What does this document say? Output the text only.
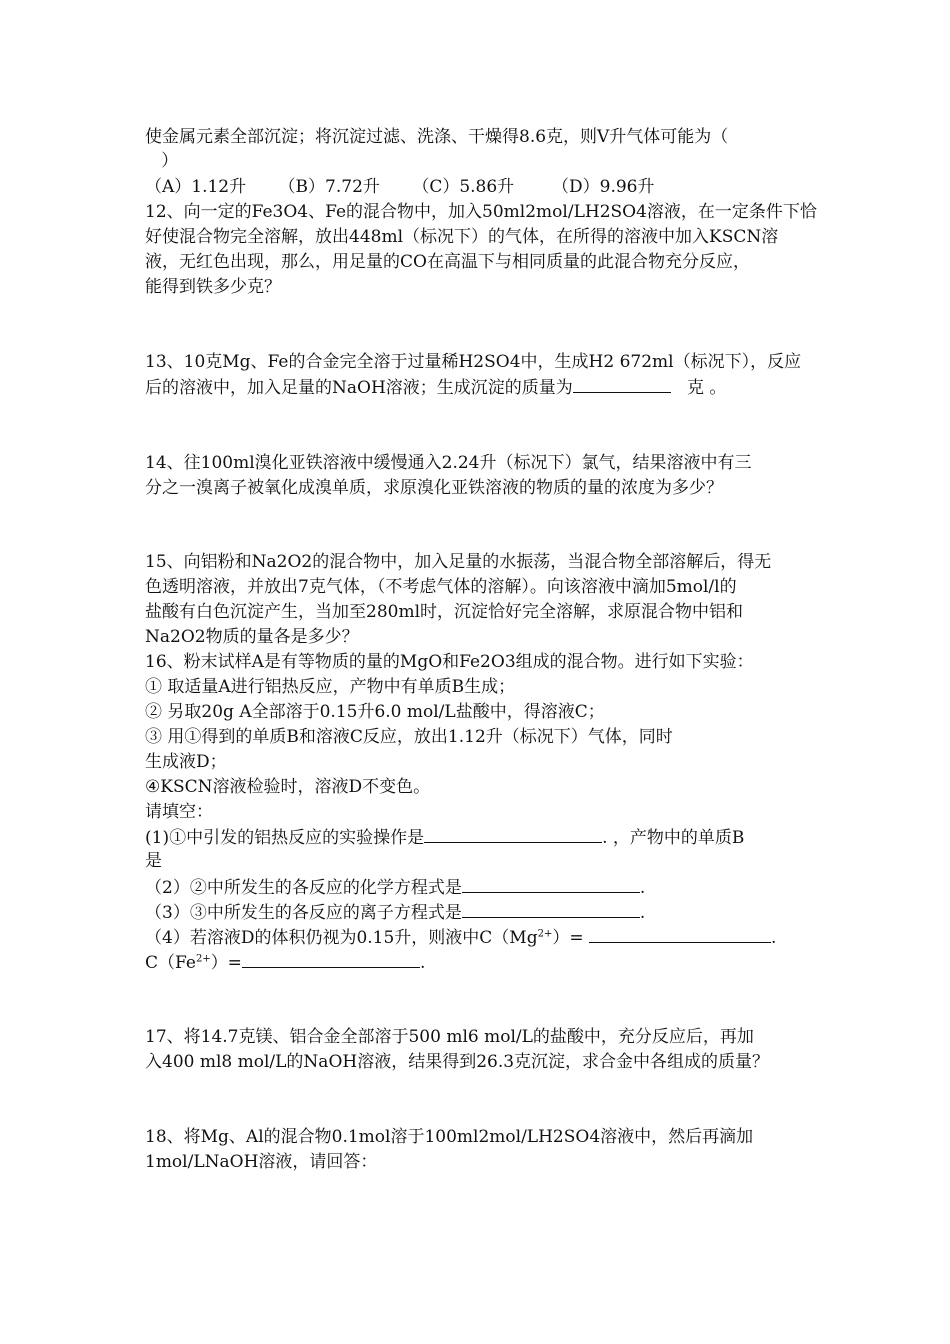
使金属元素全部沉淀；将沉淀过滤、洗涤、干燥得8.6克，则V升气体可能为（
）
（A）1.12升      （B）7.72升      （C）5.86升       （D）9.96升
12、向一定的Fe3O4、Fe的混合物中，加入50ml2mol/LH2SO4溶液，在一定条件下恰
好使混合物完全溶解，放出448ml（标况下）的气体，在所得的溶液中加入KSCN溶
液，无红色出现，那么，用足量的CO在高温下与相同质量的此混合物充分反应，
能得到铁多少克？
13、10克Mg、Fe的合金完全溶于过量稀H2SO4中，生成H2 672ml（标况下），反应
后的溶液中，加入足量的NaOH溶液；生成沉淀的质量为	克 。
14、往100ml溴化亚铁溶液中缓慢通入2.24升（标况下）氯气，结果溶液中有三
分之一溴离子被氧化成溴单质，求原溴化亚铁溶液的物质的量的浓度为多少？
15、向铝粉和Na2O2的混合物中，加入足量的水振荡，当混合物全部溶解后，得无
色透明溶液，并放出7克气体，（不考虑气体的溶解）。向该溶液中滴加5mol/l的
盐酸有白色沉淀产生，当加至280ml时，沉淀恰好完全溶解，求原混合物中铝和
Na2O2物质的量各是多少？
16、粉末试样A是有等物质的量的MgO和Fe2O3组成的混合物。进行如下实验：
① 取适量A进行铝热反应，产物中有单质B生成；
② 另取20g A全部溶于0.15升6.0 mol/L盐酸中，得溶液C；
③ 用①得到的单质B和溶液C反应，放出1.12升（标况下）气体，同时
生成液D；
④KSCN溶液检验时，溶液D不变色。
请填空：
(1)①中引发的铝热反应的实验操作是	. ，产物中的单质B
是
（2）②中所发生的各反应的化学方程式是	.
（3）③中所发生的各反应的离子方程式是	.
（4）若溶液D的体积仍视为0.15升，则液中$C(Mg^{2+})=$	.
$C(Fe^{2+})=$	.
17、将14.7克镁、铝合金全部溶于500 ml6 mol/L的盐酸中，充分反应后，再加
入400 ml8 mol/L的NaOH溶液，结果得到26.3克沉淀，求合金中各组成的质量？
18、将Mg、Al的混合物0.1mol溶于100ml2mol/LH2SO4溶液中，然后再滴加
1mol/LNaOH溶液，请回答：
